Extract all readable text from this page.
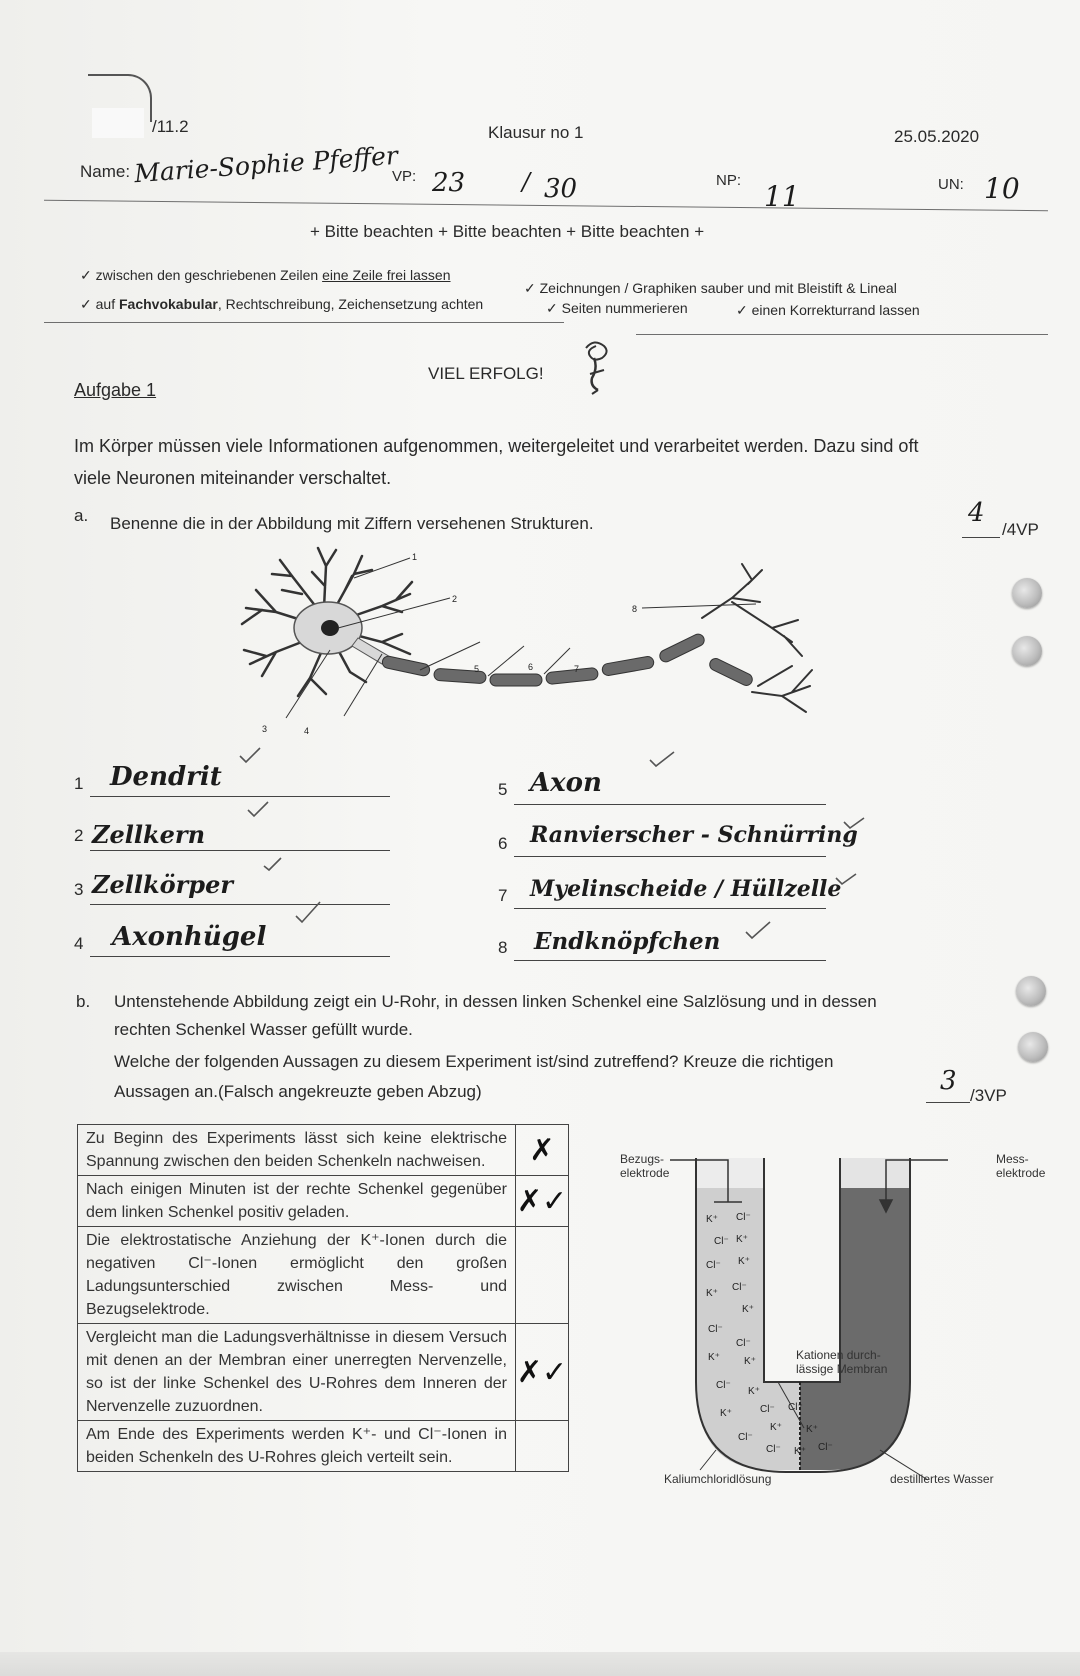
/11.2	Klausur no 1	25.05.2020
Name: Marie-Sophie Pfeffer
VP: 23 / 30	NP: 11	UN: 10
+ Bitte beachten + Bitte beachten + Bitte beachten +
✓ zwischen den geschriebenen Zeilen eine Zeile frei lassen
✓ Zeichnungen / Graphiken sauber und mit Bleistift & Lineal
✓ auf Fachvokabular, Rechtschreibung, Zeichensetzung achten	✓ Seiten nummerieren	✓ einen Korrekturrand lassen
VIEL ERFOLG!
Aufgabe 1
Im Körper müssen viele Informationen aufgenommen, weitergeleitet und verarbeitet werden. Dazu sind oft
viele Neuronen miteinander verschaltet.
a. Benenne die in der Abbildung mit Ziffern versehenen Strukturen.	4
/4VP
1
2
3	4
5	6	7
8
1 Dendrit
2 Zellkern
3 Zellkörper
4 Axonhügel
5 Axon
6 Ranvierscher - Schnürring
7 Myelinscheide / Hüllzelle
8 Endknöpfchen
b. Untenstehende Abbildung zeigt ein U-Rohr, in dessen linken Schenkel eine Salzlösung und in dessen
rechten Schenkel Wasser gefüllt wurde.
Welche der folgenden Aussagen zu diesem Experiment ist/sind zutreffend? Kreuze die richtigen
Aussagen an.(Falsch angekreuzte geben Abzug)	3 /3VP
Zu Beginn des Experiments lässt sich keine elektrische Spannung zwischen den beiden Schenkeln nachweisen.	✗
Nach einigen Minuten ist der rechte Schenkel gegenüber dem linken Schenkel positiv geladen.	✗✓
Die elektrostatische Anziehung der K⁺-Ionen durch die negativen Cl⁻-Ionen ermöglicht den großen Ladungsunterschied zwischen Mess- und Bezugselektrode.	
Vergleicht man die Ladungsverhältnisse in diesem Versuch mit denen an der Membran einer unerregten Nervenzelle, so ist der linke Schenkel des U-Rohres dem Inneren der Nervenzelle zuzuordnen.	✗✓
Am Ende des Experiments werden K⁺- und Cl⁻-Ionen in beiden Schenkeln des U-Rohres gleich verteilt sein.	
K⁺ Cl⁻
Cl⁻ K⁺
Cl⁻ K⁺
K⁺
Cl⁻
K⁺
Cl⁻
Cl⁻
K⁺ K⁺
Cl⁻
K⁺
K⁺	Cl⁻ Cl⁻
K⁺ K⁺
Cl⁻
Cl⁻ K⁺ Cl⁻
Bezugs-
elektrode
Mess-
elektrode
Kationen durch-
lässige Membran
Kaliumchloridlösung	destilliertes Wasser
